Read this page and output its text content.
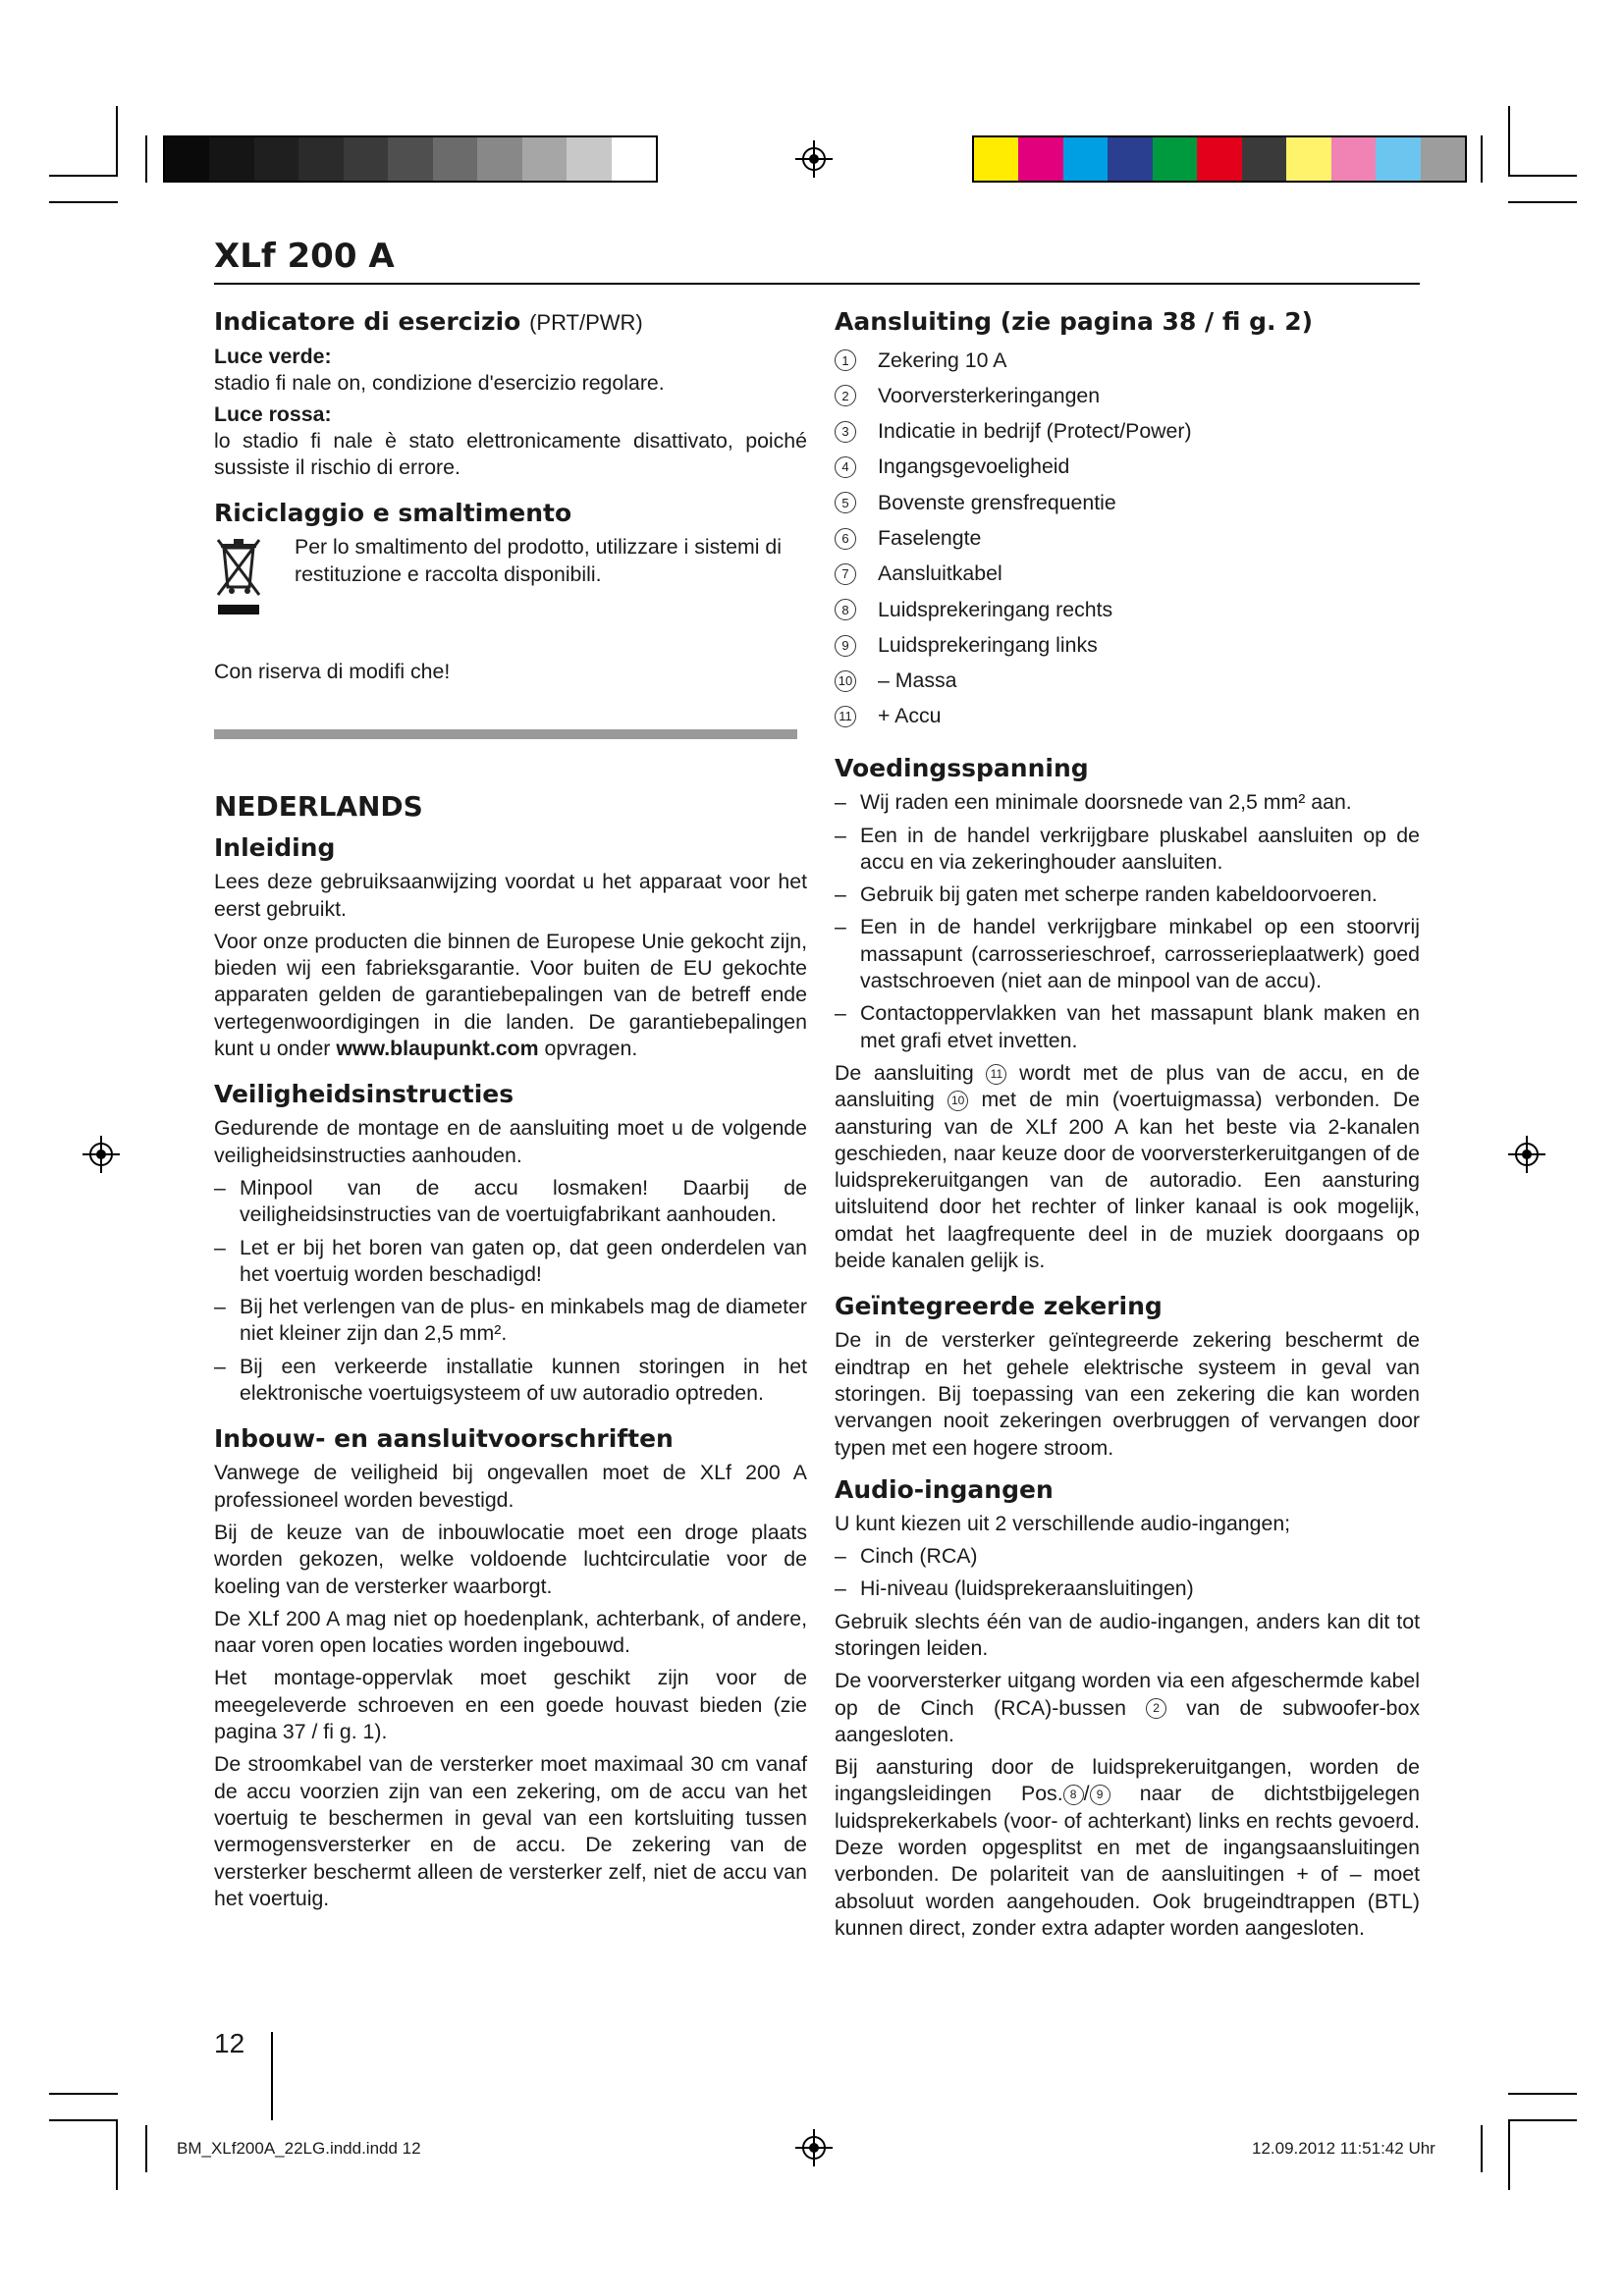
XLf 200 A
Indicatore di esercizio (PRT/PWR)

Luce verde:

stadio fi nale on, condizione d'esercizio regolare.

Luce rossa:

lo stadio fi nale è stato elettronicamente disattivato, poiché sussiste il rischio di errore.

Riciclaggio e smaltimento

Per lo smaltimento del prodotto, utilizzare i sistemi di restituzione e raccolta disponibili.

Con riserva di modifi che!

NEDERLANDS
Inleiding

Lees deze gebruiksaanwijzing voordat u het apparaat voor het eerst gebruikt.

Voor onze producten die binnen de Europese Unie gekocht zijn, bieden wij een fabrieksgarantie. Voor buiten de EU gekochte apparaten gelden de garantiebepalingen van de betreff ende vertegenwoordigingen in die landen. De garantiebepalingen kunt u onder www.blaupunkt.com opvragen.

Veiligheidsinstructies

Gedurende de montage en de aansluiting moet u de volgende veiligheidsinstructies aanhouden.

– Minpool van de accu losmaken! Daarbij de veiligheidsinstructies van de voertuigfabrikant aanhouden.
– Let er bij het boren van gaten op, dat geen onderdelen van het voertuig worden beschadigd!
– Bij het verlengen van de plus- en minkabels mag de diameter niet kleiner zijn dan 2,5 mm².
– Bij een verkeerde installatie kunnen storingen in het elektronische voertuigsysteem of uw autoradio optreden.
Inbouw- en aansluitvoorschriften

Vanwege de veiligheid bij ongevallen moet de XLf 200 A professioneel worden bevestigd.

Bij de keuze van de inbouwlocatie moet een droge plaats worden gekozen, welke voldoende luchtcirculatie voor de koeling van de versterker waarborgt.

De XLf 200 A mag niet op hoedenplank, achterbank, of andere, naar voren open locaties worden ingebouwd.

Het montage-oppervlak moet geschikt zijn voor de meegeleverde schroeven en een goede houvast bieden (zie pagina 37 / fi g. 1).

De stroomkabel van de versterker moet maximaal 30 cm vanaf de accu voorzien zijn van een zekering, om de accu van het voertuig te beschermen in geval van een kortsluiting tussen vermogensversterker en de accu. De zekering van de versterker beschermt alleen de versterker zelf, niet de accu van het voertuig.

Aansluiting (zie pagina 38 / fi g. 2)
1	Zekering 10 A
2	Voorversterkeringangen
3	Indicatie in bedrijf (Protect/Power)
4	Ingangsgevoeligheid
5	Bovenste grensfrequentie
6	Faselengte
7	Aansluitkabel
8	Luidsprekeringang rechts
9	Luidsprekeringang links
10 – Massa
11 + Accu
Voedingsspanning
– Wij raden een minimale doorsnede van 2,5 mm² aan.
– Een in de handel verkrijgbare pluskabel aansluiten op de accu en via zekeringhouder aansluiten.
– Gebruik bij gaten met scherpe randen kabeldoorvoeren.
– Een in de handel verkrijgbare minkabel op een stoorvrij massapunt (carrosserieschroef, carrosserieplaatwerk) goed vastschroeven (niet aan de minpool van de accu).
– Contactoppervlakken van het massapunt blank maken en met grafi etvet invetten.

De aansluiting 11 wordt met de plus van de accu, en de aansluiting 10 met de min (voertuigmassa) verbonden. De aansturing van de XLf 200 A kan het beste via 2-kanalen geschieden, naar keuze door de voorversterkeruitgangen of de luidsprekeruitgangen van de autoradio. Een aansturing uitsluitend door het rechter of linker kanaal is ook mogelijk, omdat het laagfrequente deel in de muziek doorgaans op beide kanalen gelijk is.

Geïntegreerde zekering

De in de versterker geïntegreerde zekering beschermt de eindtrap en het gehele elektrische systeem in geval van storingen. Bij toepassing van een zekering die kan worden vervangen nooit zekeringen overbruggen of vervangen door typen met een hogere stroom.

Audio-ingangen

U kunt kiezen uit 2 verschillende audio-ingangen;

– Cinch (RCA)
– Hi-niveau (luidsprekeraansluitingen)

Gebruik slechts één van de audio-ingangen, anders kan dit tot storingen leiden.

De voorversterker uitgang worden via een afgeschermde kabel op de Cinch (RCA)-bussen 2 van de subwoofer-box aangesloten.

Bij aansturing door de luidsprekeruitgangen, worden de ingangsleidingen Pos. 8 / 9 naar de dichtstbijgelegen luidsprekerkabels (voor- of achterkant) links en rechts gevoerd. Deze worden opgesplitst en met de ingangsaansluitingen verbonden. De polariteit van de aansluitingen + of – moet absoluut worden aangehouden. Ook brugeindtrappen (BTL) kunnen direct, zonder extra adapter worden aangesloten.

12
BM_XLf200A_22LG.indd.indd 12	12.09.2012 11:51:42 Uhr
